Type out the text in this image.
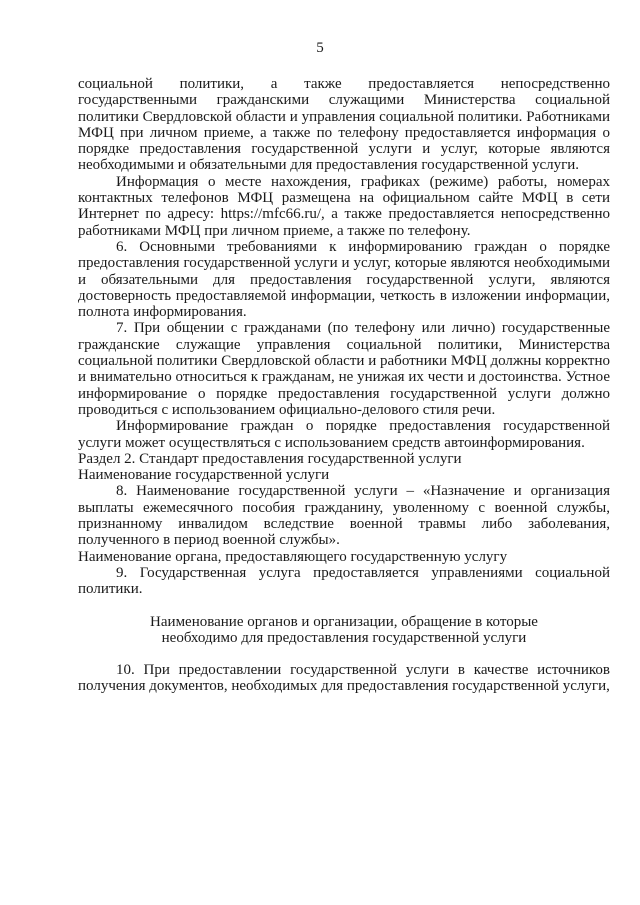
5

социальной политики, а также предоставляется непосредственно государственными гражданскими служащими Министерства социальной политики Свердловской области и управления социальной политики. Работниками МФЦ при личном приеме, а также по телефону предоставляется информация о порядке предоставления государственной услуги и услуг, которые являются необходимыми и обязательными для предоставления государственной услуги.

Информация о месте нахождения, графиках (режиме) работы, номерах контактных телефонов МФЦ размещена на официальном сайте МФЦ в сети Интернет по адресу: https://mfc66.ru/, а также предоставляется непосредственно работниками МФЦ при личном приеме, а также по телефону.

6. Основными требованиями к информированию граждан о порядке предоставления государственной услуги и услуг, которые являются необходимыми и обязательными для предоставления государственной услуги, являются достоверность предоставляемой информации, четкость в изложении информации, полнота информирования.

7. При общении с гражданами (по телефону или лично) государственные гражданские служащие управления социальной политики, Министерства социальной политики Свердловской области и работники МФЦ должны корректно и внимательно относиться к гражданам, не унижая их чести и достоинства. Устное информирование о порядке предоставления государственной услуги должно проводиться с использованием официально-делового стиля речи.

Информирование граждан о порядке предоставления государственной услуги может осуществляться с использованием средств автоинформирования.

Раздел 2. Стандарт предоставления государственной услуги

Наименование государственной услуги

8. Наименование государственной услуги – «Назначение и организация выплаты ежемесячного пособия гражданину, уволенному с военной службы, признанному инвалидом вследствие военной травмы либо заболевания, полученного в период военной службы».

Наименование органа, предоставляющего государственную услугу

9. Государственная услуга предоставляется управлениями социальной политики.

Наименование органов и организации, обращение в которые
необходимо для предоставления государственной услуги

10. При предоставлении государственной услуги в качестве источников получения документов, необходимых для предоставления государственной услуги,
